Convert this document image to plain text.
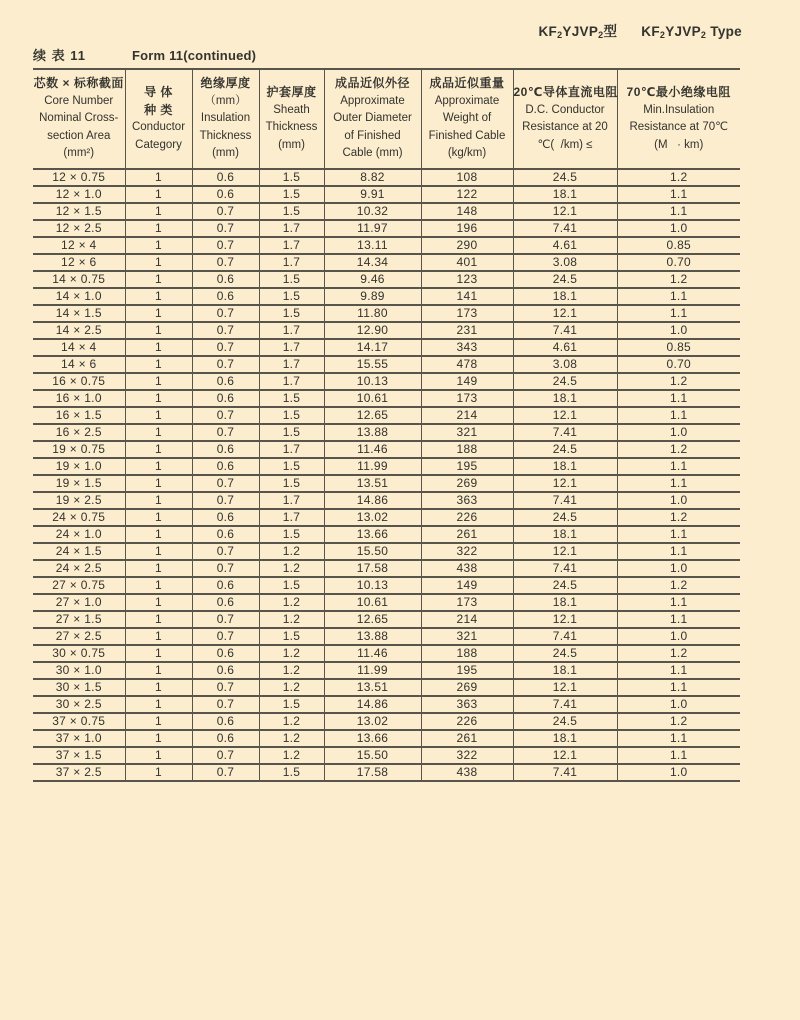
$KF_2YJVP_2$型 $KF_2YJVP_2$ Type
续 表 11	Form 11(continued)
芯数 × 标称截面
Core Number
Nominal Cross-
section Area
(mm²)

导 体
种 类
Conductor
Category

绝缘厚度
（mm）
Insulation
Thickness
(mm)

护套厚度
Sheath
Thickness
(mm)

成品近似外径
Approximate
Outer Diameter
of Finished
Cable (mm)

成品近似重量
Approximate
Weight of
Finished Cable
(kg/km)

20℃导体直流电阻
D.C. Conductor
Resistance at 20
℃(  /km) ≤

70℃最小绝缘电阻
Min.Insulation
Resistance at 70℃
(M   · km)

12 × 0.75	1	0.6	1.5	8.82	108	24.5	1.2
12 × 1.0	1	0.6	1.5	9.91	122	18.1	1.1
12 × 1.5	1	0.7	1.5	10.32	148	12.1	1.1
12 × 2.5	1	0.7	1.7	11.97	196	7.41	1.0
12 × 4	1	0.7	1.7	13.11	290	4.61	0.85
12 × 6	1	0.7	1.7	14.34	401	3.08	0.70
14 × 0.75	1	0.6	1.5	9.46	123	24.5	1.2
14 × 1.0	1	0.6	1.5	9.89	141	18.1	1.1
14 × 1.5	1	0.7	1.5	11.80	173	12.1	1.1
14 × 2.5	1	0.7	1.7	12.90	231	7.41	1.0
14 × 4	1	0.7	1.7	14.17	343	4.61	0.85
14 × 6	1	0.7	1.7	15.55	478	3.08	0.70
16 × 0.75	1	0.6	1.7	10.13	149	24.5	1.2
16 × 1.0	1	0.6	1.5	10.61	173	18.1	1.1
16 × 1.5	1	0.7	1.5	12.65	214	12.1	1.1
16 × 2.5	1	0.7	1.5	13.88	321	7.41	1.0
19 × 0.75	1	0.6	1.7	11.46	188	24.5	1.2
19 × 1.0	1	0.6	1.5	11.99	195	18.1	1.1
19 × 1.5	1	0.7	1.5	13.51	269	12.1	1.1
19 × 2.5	1	0.7	1.7	14.86	363	7.41	1.0
24 × 0.75	1	0.6	1.7	13.02	226	24.5	1.2
24 × 1.0	1	0.6	1.5	13.66	261	18.1	1.1
24 × 1.5	1	0.7	1.2	15.50	322	12.1	1.1
24 × 2.5	1	0.7	1.2	17.58	438	7.41	1.0
27 × 0.75	1	0.6	1.5	10.13	149	24.5	1.2
27 × 1.0	1	0.6	1.2	10.61	173	18.1	1.1
27 × 1.5	1	0.7	1.2	12.65	214	12.1	1.1
27 × 2.5	1	0.7	1.5	13.88	321	7.41	1.0
30 × 0.75	1	0.6	1.2	11.46	188	24.5	1.2
30 × 1.0	1	0.6	1.2	11.99	195	18.1	1.1
30 × 1.5	1	0.7	1.2	13.51	269	12.1	1.1
30 × 2.5	1	0.7	1.5	14.86	363	7.41	1.0
37 × 0.75	1	0.6	1.2	13.02	226	24.5	1.2
37 × 1.0	1	0.6	1.2	13.66	261	18.1	1.1
37 × 1.5	1	0.7	1.2	15.50	322	12.1	1.1
37 × 2.5	1	0.7	1.5	17.58	438	7.41	1.0
